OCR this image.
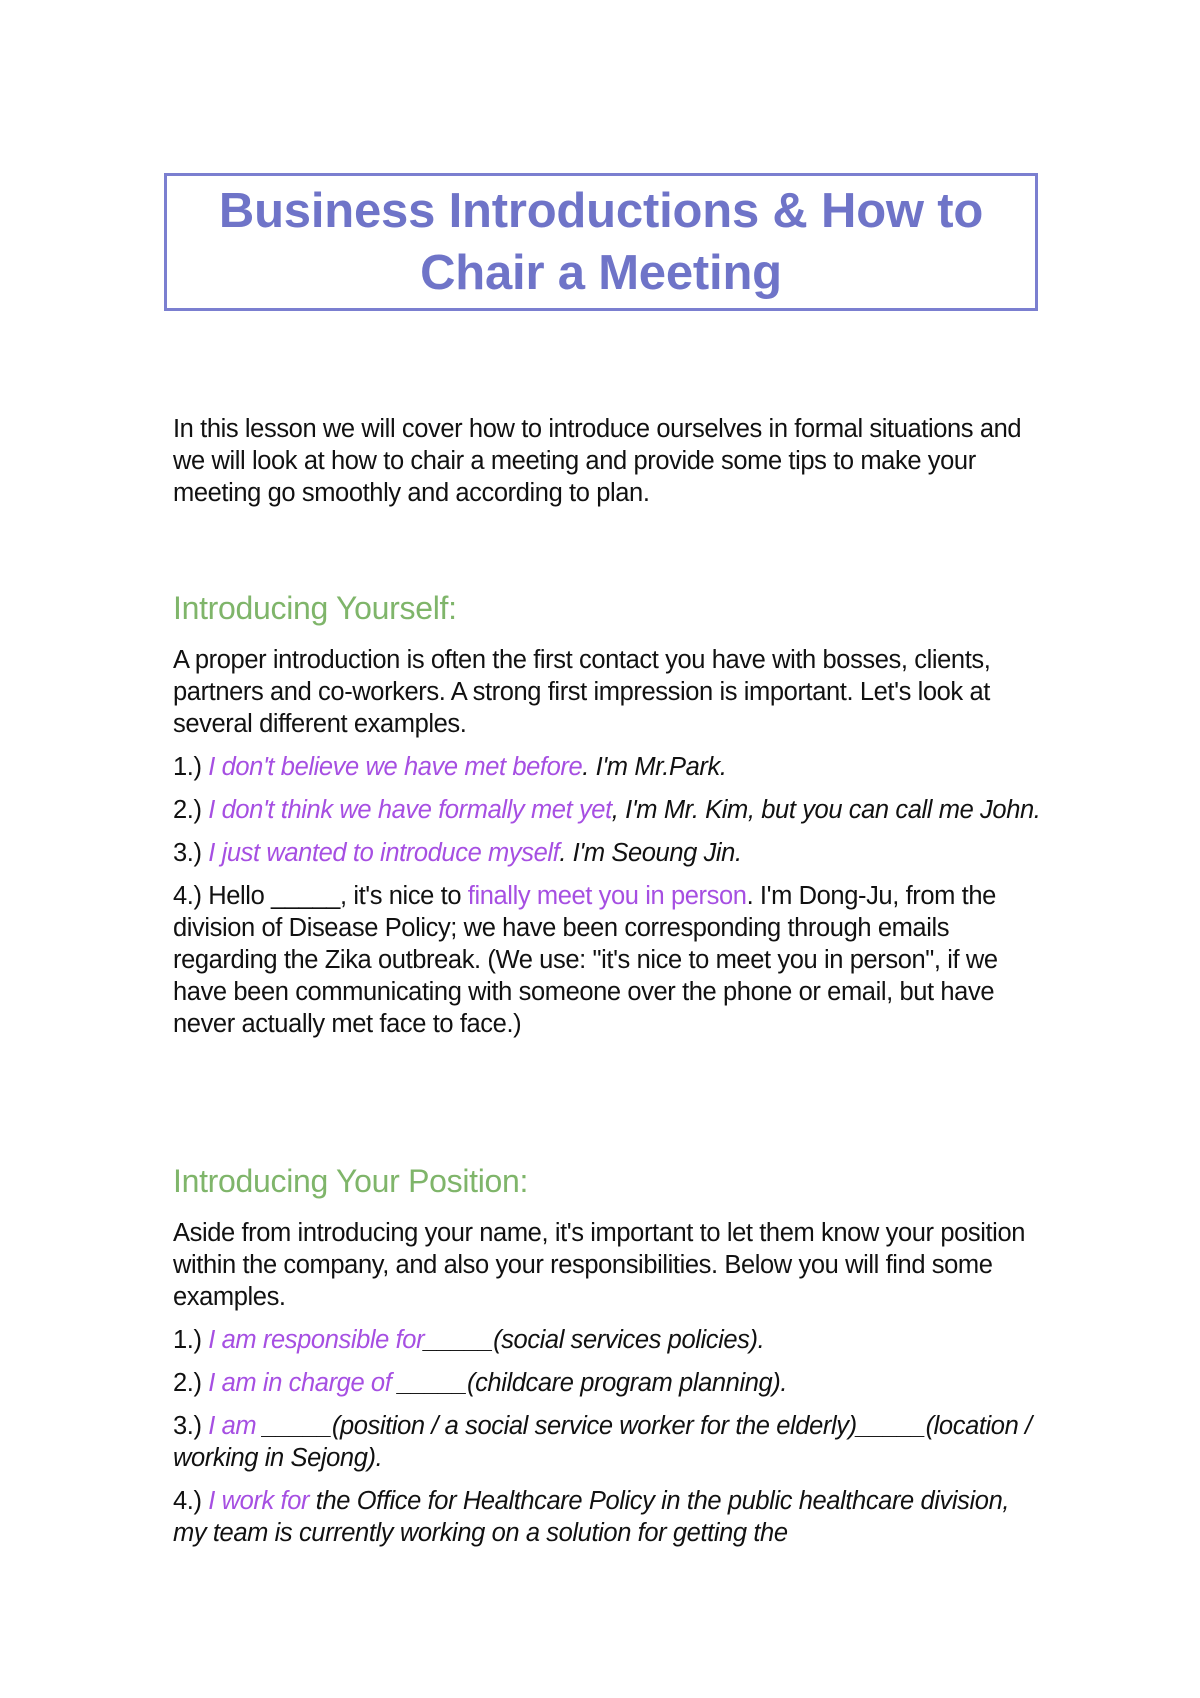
Business Introductions & How to
Chair a Meeting

In this lesson we will cover how to introduce ourselves in formal situations and we will look at how to chair a meeting and provide some tips to make your meeting go smoothly and according to plan.

Introducing Yourself:

A proper introduction is often the first contact you have with bosses, clients, partners and co-workers. A strong first impression is important. Let's look at several different examples.

1.) I don't believe we have met before. I'm Mr.Park.

2.) I don't think we have formally met yet, I'm Mr. Kim, but you can call me John.

3.) I just wanted to introduce myself. I'm Seoung Jin.

4.) Hello _____, it's nice to finally meet you in person. I'm Dong-Ju, from the division of Disease Policy; we have been corresponding through emails regarding the Zika outbreak. (We use: "it's nice to meet you in person", if we have been communicating with someone over the phone or email, but have never actually met face to face.)

Introducing Your Position:

Aside from introducing your name, it's important to let them know your position within the company, and also your responsibilities. Below you will find some examples.

1.) I am responsible for_____(social services policies).

2.) I am in charge of _____(childcare program planning).

3.) I am _____(position / a social service worker for the elderly)_____(location / working in Sejong).

4.) I work for the Office for Healthcare Policy in the public healthcare division, my team is currently working on a solution for getting the
